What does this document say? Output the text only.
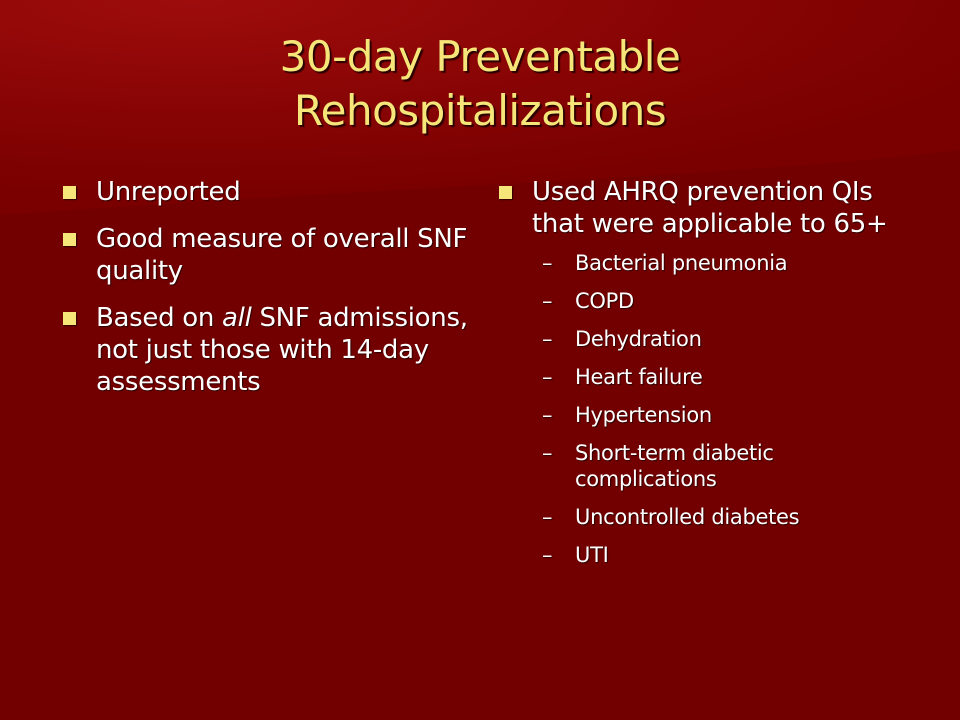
30-day Preventable
Rehospitalizations
Unreported
Good measure of overall SNF quality
Based on all SNF admissions, not just those with 14-day assessments
Used AHRQ prevention QIs that were applicable to 65+
– Bacterial pneumonia
– COPD
– Dehydration
– Heart failure
– Hypertension
– Short-term diabetic complications
– Uncontrolled diabetes
– UTI
